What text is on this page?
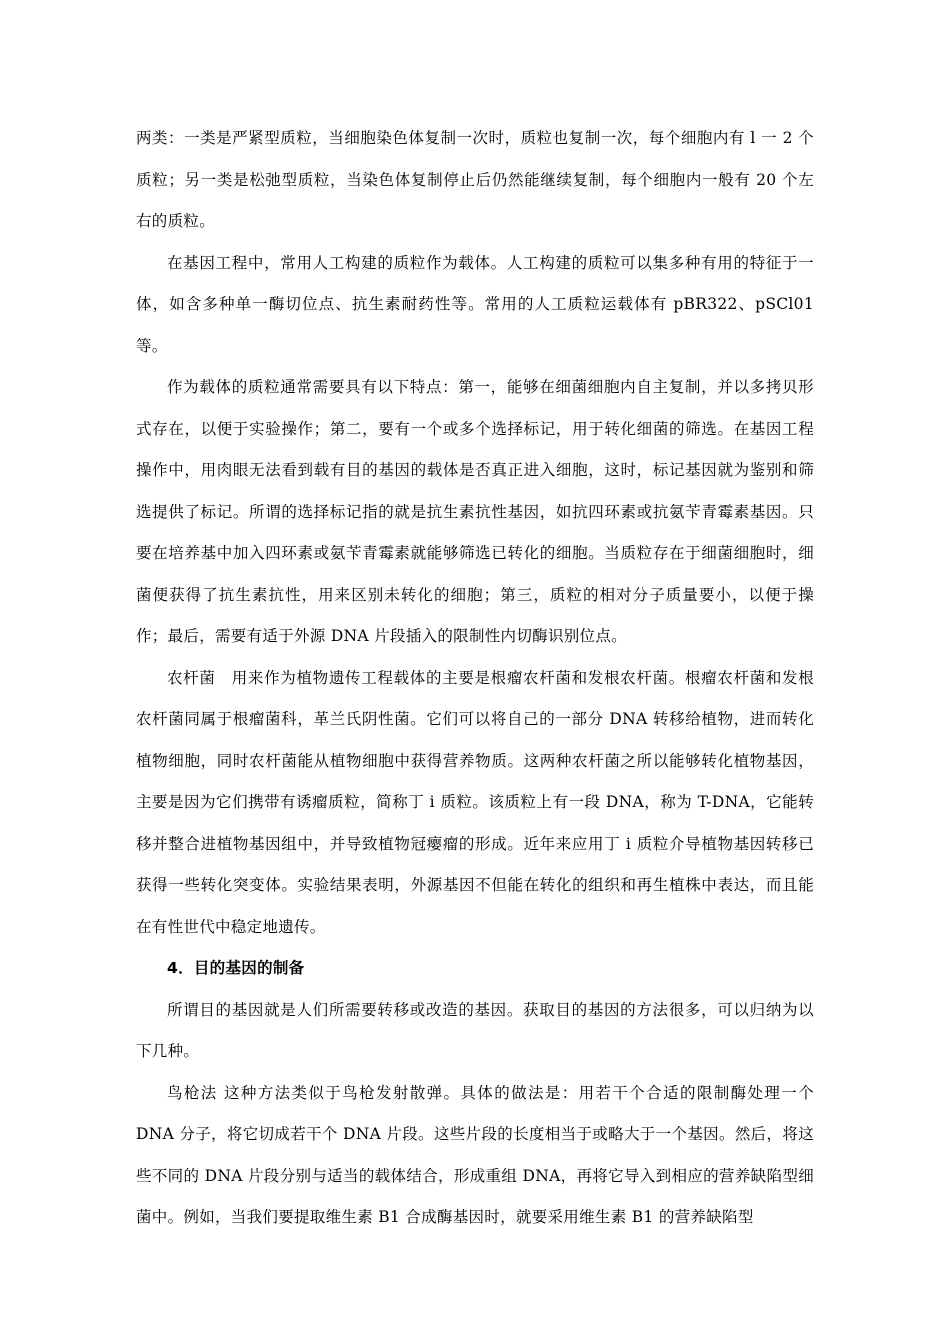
两类：一类是严紧型质粒，当细胞染色体复制一次时，质粒也复制一次，每个细胞内有 l 一 2 个质粒；另一类是松弛型质粒，当染色体复制停止后仍然能继续复制，每个细胞内一般有 20 个左右的质粒。

在基因工程中，常用人工构建的质粒作为载体。人工构建的质粒可以集多种有用的特征于一体，如含多种单一酶切位点、抗生素耐药性等。常用的人工质粒运载体有 pBR322、pSCl01 等。

作为载体的质粒通常需要具有以下特点：第一，能够在细菌细胞内自主复制，并以多拷贝形式存在，以便于实验操作；第二，要有一个或多个选择标记，用于转化细菌的筛选。在基因工程操作中，用肉眼无法看到载有目的基因的载体是否真正进入细胞，这时，标记基因就为鉴别和筛选提供了标记。所谓的选择标记指的就是抗生素抗性基因，如抗四环素或抗氨苄青霉素基因。只要在培养基中加入四环素或氨苄青霉素就能够筛选已转化的细胞。当质粒存在于细菌细胞时，细菌便获得了抗生素抗性，用来区别未转化的细胞；第三，质粒的相对分子质量要小，以便于操作；最后，需要有适于外源 DNA 片段插入的限制性内切酶识别位点。

农杆菌　用来作为植物遗传工程载体的主要是根瘤农杆菌和发根农杆菌。根瘤农杆菌和发根农杆菌同属于根瘤菌科，革兰氏阴性菌。它们可以将自己的一部分 DNA 转移给植物，进而转化植物细胞，同时农杆菌能从植物细胞中获得营养物质。这两种农杆菌之所以能够转化植物基因，主要是因为它们携带有诱瘤质粒，简称丁 i 质粒。该质粒上有一段 DNA，称为 T-DNA，它能转移并整合进植物基因组中，并导致植物冠瘿瘤的形成。近年来应用丁 i 质粒介导植物基因转移已获得一些转化突变体。实验结果表明，外源基因不但能在转化的组织和再生植株中表达，而且能在有性世代中稳定地遗传。

4．目的基因的制备

所谓目的基因就是人们所需要转移或改造的基因。获取目的基因的方法很多，可以归纳为以下几种。

鸟枪法 这种方法类似于鸟枪发射散弹。具体的做法是：用若干个合适的限制酶处理一个 DNA 分子，将它切成若干个 DNA 片段。这些片段的长度相当于或略大于一个基因。然后，将这些不同的 DNA 片段分别与适当的载体结合，形成重组 DNA，再将它导入到相应的营养缺陷型细菌中。例如，当我们要提取维生素 B1 合成酶基因时，就要采用维生素 B1 的营养缺陷型
